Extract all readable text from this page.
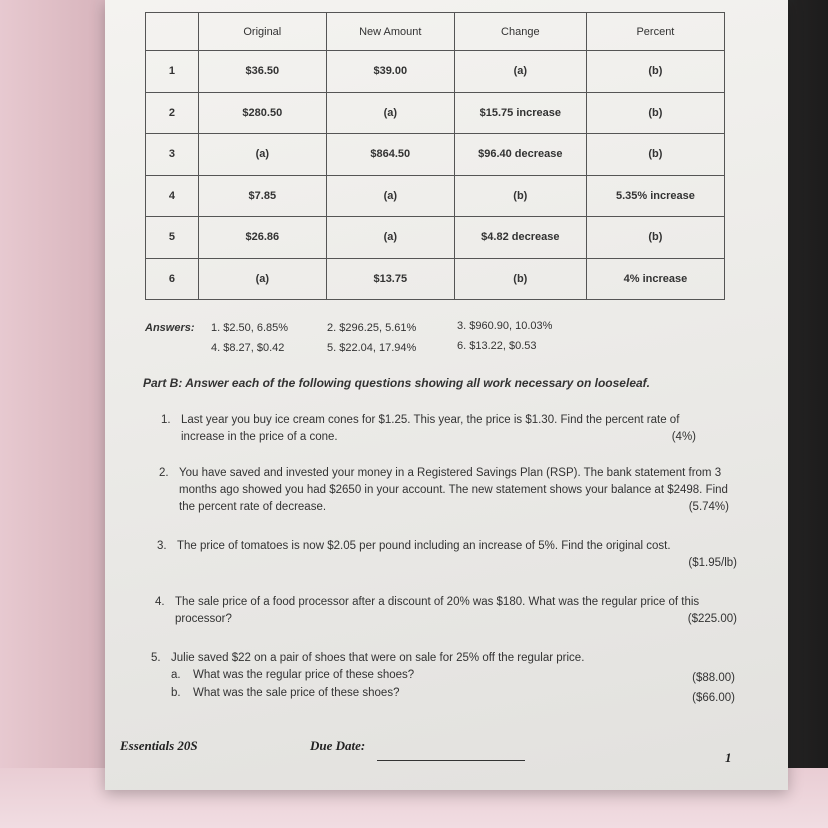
	Original	New Amount	Change	Percent
1	$36.50	$39.00	(a)	(b)
2	$280.50	(a)	$15.75 increase	(b)
3	(a)	$864.50	$96.40 decrease	(b)
4	$7.85	(a)	(b)	5.35% increase
5	$26.86	(a)	$4.82 decrease	(b)
6	(a)	$13.75	(b)	4% increase
Answers: 1. $2.50, 6.85%	2. $296.25, 5.61%	3. $960.90, 10.03%
4. $8.27, $0.42	5. $22.04, 17.94%	6. $13.22, $0.53
Part B: Answer each of the following questions showing all work necessary on looseleaf.
1. Last year you buy ice cream cones for $1.25. This year, the price is $1.30. Find the percent rate of increase in the price of a cone.	(4%)
2. You have saved and invested your money in a Registered Savings Plan (RSP). The bank statement from 3 months ago showed you had $2650 in your account. The new statement shows your balance at $2498. Find the percent rate of decrease.	(5.74%)
3. The price of tomatoes is now $2.05 per pound including an increase of 5%. Find the original cost.
($1.95/lb)
4. The sale price of a food processor after a discount of 20% was $180. What was the regular price of this processor?	($225.00)
5. Julie saved $22 on a pair of shoes that were on sale for 25% off the regular price.
a. What was the regular price of these shoes?	($88.00)
b. What was the sale price of these shoes?	($66.00)
Essentials 20S	Due Date:
1
